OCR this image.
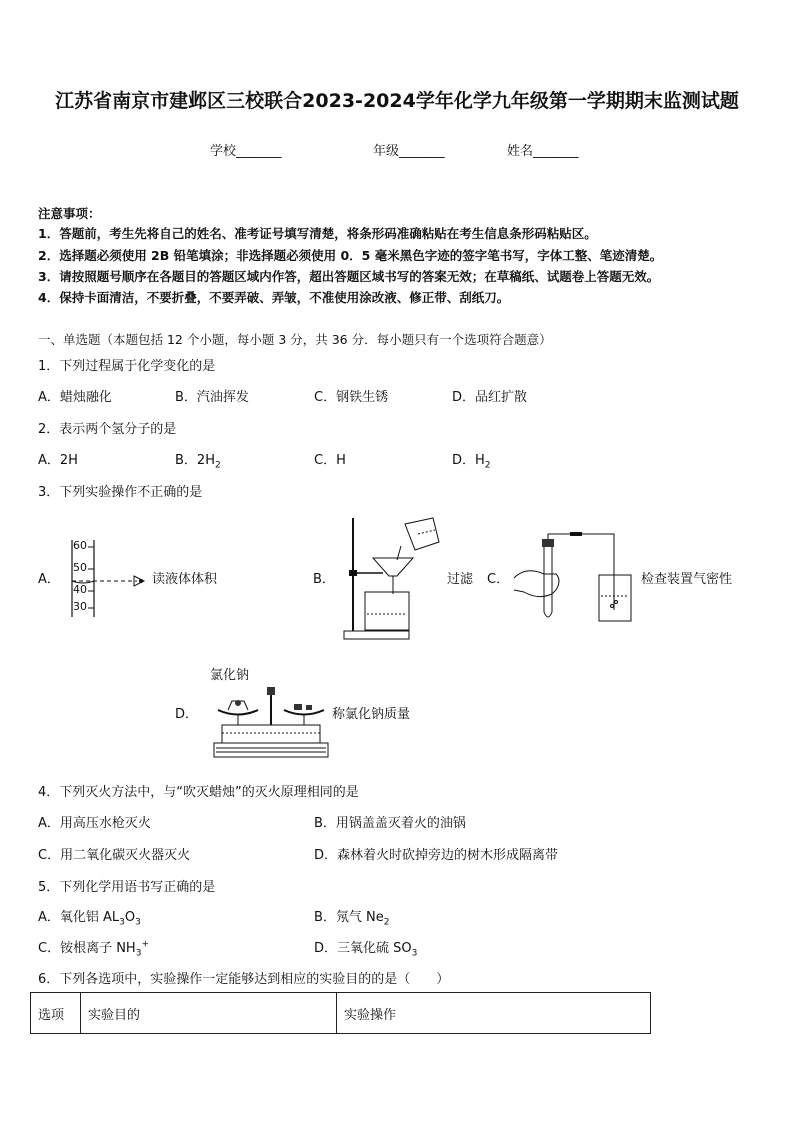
江苏省南京市建邺区三校联合2023-2024学年化学九年级第一学期期末监测试题
学校_______	年级_______	姓名_______
注意事项：
1．答题前，考生先将自己的姓名、准考证号填写清楚，将条形码准确粘贴在考生信息条形码粘贴区。
2．选择题必须使用 2B 铅笔填涂；非选择题必须使用 0．5 毫米黑色字迹的签字笔书写，字体工整、笔迹清楚。
3．请按照题号顺序在各题目的答题区域内作答，超出答题区域书写的答案无效；在草稿纸、试题卷上答题无效。
4．保持卡面清洁，不要折叠，不要弄破、弄皱，不准使用涂改液、修正带、刮纸刀。
一、单选题（本题包括 12 个小题，每小题 3 分，共 36 分．每小题只有一个选项符合题意）
1．下列过程属于化学变化的是
A．蜡烛融化	B．汽油挥发	C．钢铁生锈	D．品红扩散
2．表示两个氢分子的是
A．2H	B．$2H_2$	C．H	D．$H_2$
3．下列实验操作不正确的是
A．
60
50
40
30
读液体体积	B．	过滤 C．	检查装置气密性
氯化钠
D．	称氯化钠质量
4．下列灭火方法中，与“吹灭蜡烛”的灭火原理相同的是
A．用高压水枪灭火	B．用锅盖盖灭着火的油锅
C．用二氧化碳灭火器灭火	D．森林着火时砍掉旁边的树木形成隔离带
5．下列化学用语书写正确的是
A．氧化铝 $AL_3O_3$	B．氖气 $Ne_2$
C．铵根离子 $NH_3^+$	D．三氧化硫 $SO_3$
6．下列各选项中，实验操作一定能够达到相应的实验目的的是（　　）
选项	实验目的	实验操作
